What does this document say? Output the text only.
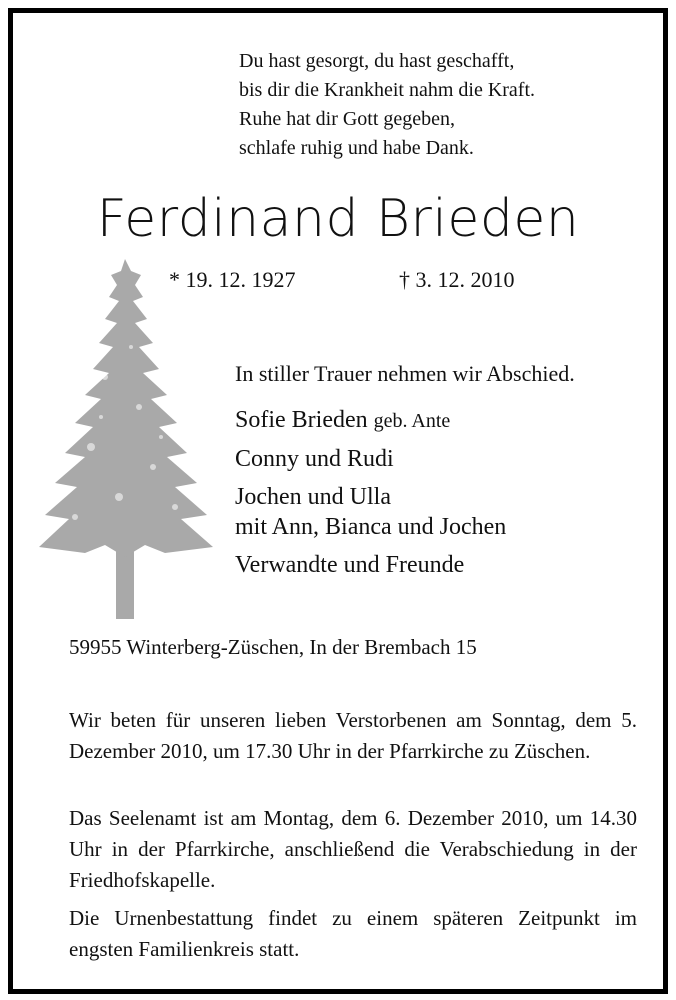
Du hast gesorgt, du hast geschafft,
bis dir die Krankheit nahm die Kraft.
Ruhe hat dir Gott gegeben,
schlafe ruhig und habe Dank.
Ferdinand Brieden
* 19. 12. 1927	† 3. 12. 2010
In stiller Trauer nehmen wir Abschied.
Sofie Brieden geb. Ante
Conny und Rudi
Jochen und Ulla
mit Ann, Bianca und Jochen
Verwandte und Freunde
59955 Winterberg-Züschen, In der Brembach 15
Wir beten für unseren lieben Verstorbenen am Sonntag, dem 5. Dezember 2010, um 17.30 Uhr in der Pfarrkirche zu Züschen.
Das Seelenamt ist am Montag, dem 6. Dezember 2010, um 14.30 Uhr in der Pfarrkirche, anschließend die Verabschiedung in der Friedhofskapelle.
Die Urnenbestattung findet zu einem späteren Zeitpunkt im engsten Familienkreis statt.
